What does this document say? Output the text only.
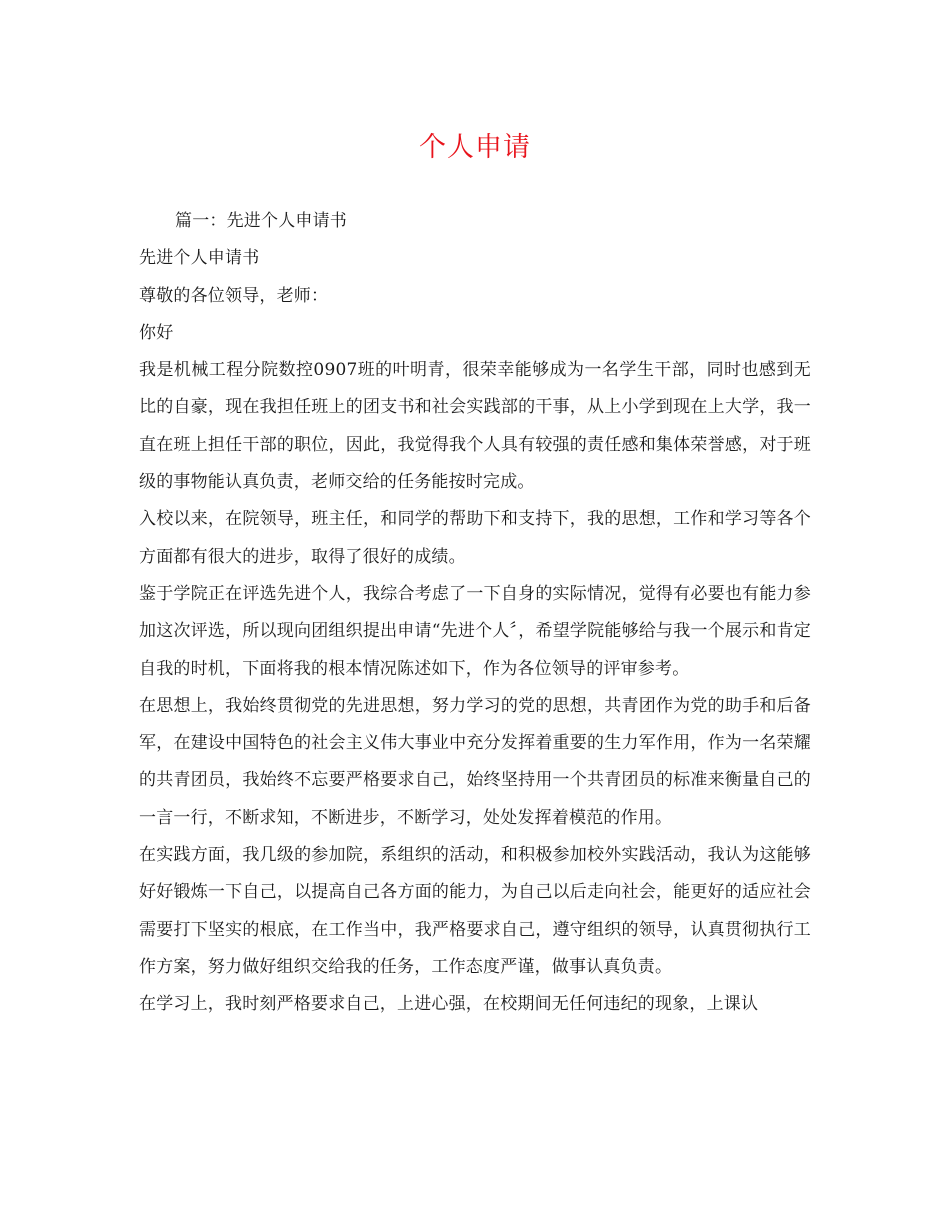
个人申请

篇一：先进个人申请书

先进个人申请书

尊敬的各位领导，老师：

你好

我是机械工程分院数控0907班的叶明青，很荣幸能够成为一名学生干部，同时也感到无比的自豪，现在我担任班上的团支书和社会实践部的干事，从上小学到现在上大学，我一直在班上担任干部的职位，因此，我觉得我个人具有较强的责任感和集体荣誉感，对于班级的事物能认真负责，老师交给的任务能按时完成。

入校以来，在院领导，班主任，和同学的帮助下和支持下，我的思想，工作和学习等各个方面都有很大的进步，取得了很好的成绩。

鉴于学院正在评选先进个人，我综合考虑了一下自身的实际情况，觉得有必要也有能力参加这次评选，所以现向团组织提出申请“先进个人〞，希望学院能够给与我一个展示和肯定自我的时机，下面将我的根本情况陈述如下，作为各位领导的评审参考。

在思想上，我始终贯彻党的先进思想，努力学习的党的思想，共青团作为党的助手和后备军，在建设中国特色的社会主义伟大事业中充分发挥着重要的生力军作用，作为一名荣耀的共青团员，我始终不忘要严格要求自己，始终坚持用一个共青团员的标准来衡量自己的一言一行，不断求知，不断进步，不断学习，处处发挥着模范的作用。

在实践方面，我几级的参加院，系组织的活动，和积极参加校外实践活动，我认为这能够好好锻炼一下自己，以提高自己各方面的能力，为自己以后走向社会，能更好的适应社会需要打下坚实的根底，在工作当中，我严格要求自己，遵守组织的领导，认真贯彻执行工作方案，努力做好组织交给我的任务，工作态度严谨，做事认真负责。

在学习上，我时刻严格要求自己，上进心强，在校期间无任何违纪的现象，上课认
